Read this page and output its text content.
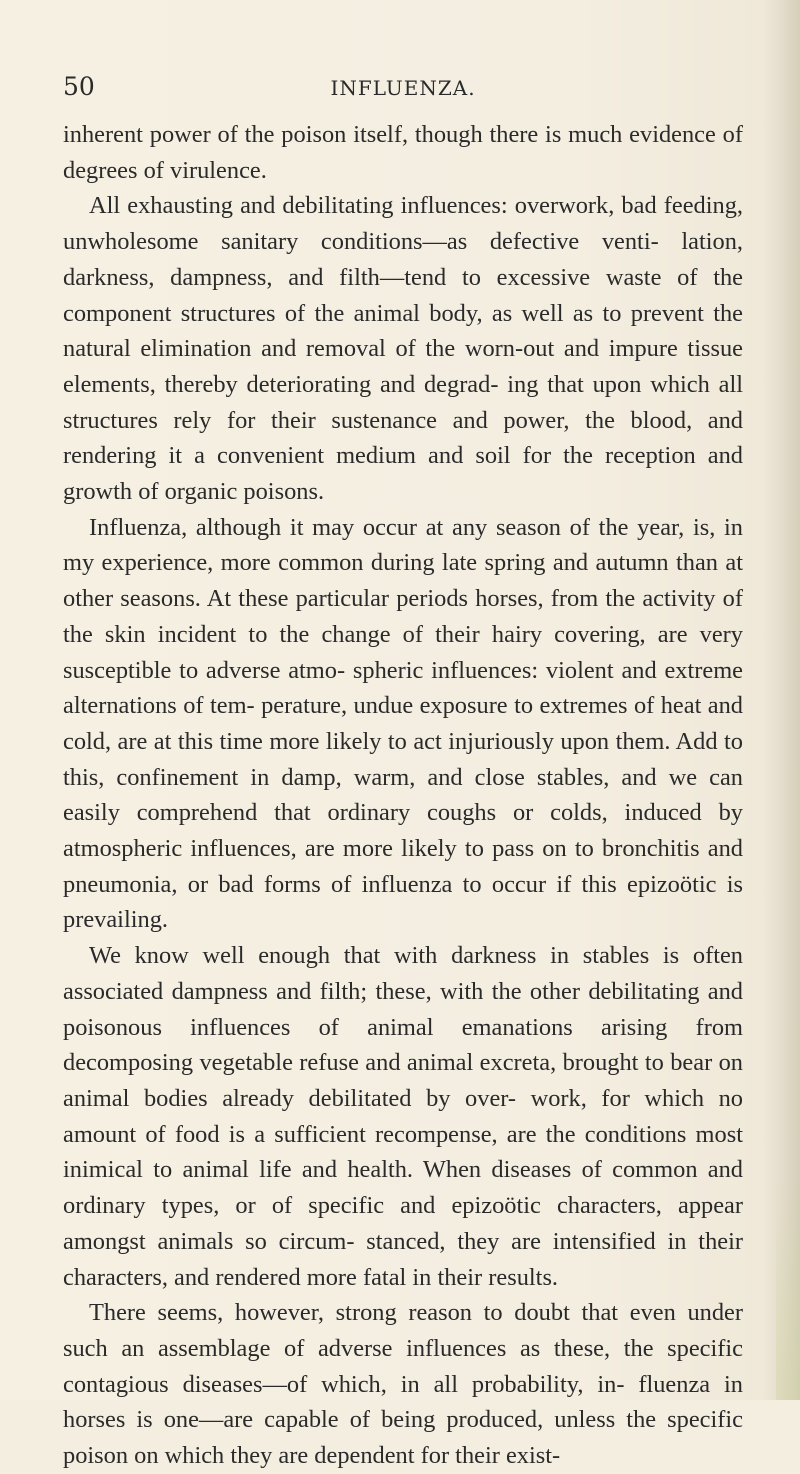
50	INFLUENZA.

inherent power of the poison itself, though there is much evidence of degrees of virulence.

All exhausting and debilitating influences: overwork, bad feeding, unwholesome sanitary conditions—as defective venti- lation, darkness, dampness, and filth—tend to excessive waste of the component structures of the animal body, as well as to prevent the natural elimination and removal of the worn-out and impure tissue elements, thereby deteriorating and degrad- ing that upon which all structures rely for their sustenance and power, the blood, and rendering it a convenient medium and soil for the reception and growth of organic poisons.

Influenza, although it may occur at any season of the year, is, in my experience, more common during late spring and autumn than at other seasons. At these particular periods horses, from the activity of the skin incident to the change of their hairy covering, are very susceptible to adverse atmo- spheric influences: violent and extreme alternations of tem- perature, undue exposure to extremes of heat and cold, are at this time more likely to act injuriously upon them. Add to this, confinement in damp, warm, and close stables, and we can easily comprehend that ordinary coughs or colds, induced by atmospheric influences, are more likely to pass on to bronchitis and pneumonia, or bad forms of influenza to occur if this epizoötic is prevailing.

We know well enough that with darkness in stables is often associated dampness and filth; these, with the other debilitating and poisonous influences of animal emanations arising from decomposing vegetable refuse and animal excreta, brought to bear on animal bodies already debilitated by over- work, for which no amount of food is a sufficient recompense, are the conditions most inimical to animal life and health. When diseases of common and ordinary types, or of specific and epizoötic characters, appear amongst animals so circum- stanced, they are intensified in their characters, and rendered more fatal in their results.

There seems, however, strong reason to doubt that even under such an assemblage of adverse influences as these, the specific contagious diseases—of which, in all probability, in- fluenza in horses is one—are capable of being produced, unless the specific poison on which they are dependent for their exist-
